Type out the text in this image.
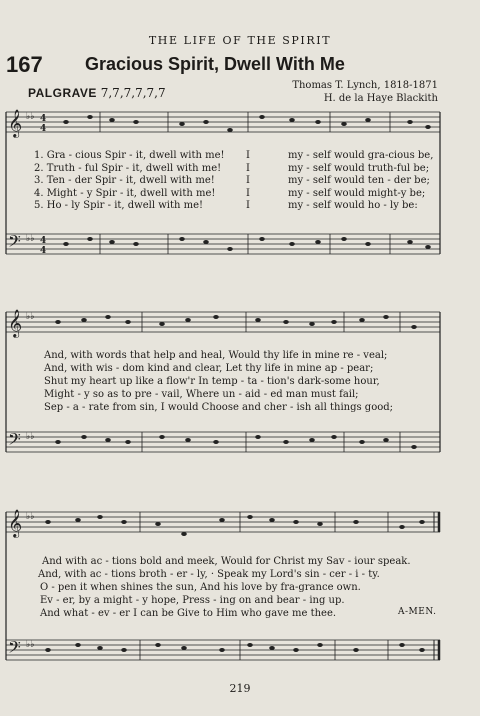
THE LIFE OF THE SPIRIT
167 Gracious Spirit, Dwell With Me
PALGRAVE 7,7,7,7,7,7
Thomas T. Lynch, 1818-1871
H. de la Haye Blackith
𝄞
𝄢
♭♭
♭♭
4
4
4
4
1. Gra - cious Spir - it, dwell with me!	I	my - self would gra-cious be,
2. Truth - ful Spir - it, dwell with me!	I	my - self would truth-ful be;
3. Ten - der Spir - it, dwell with me!	I	my - self would ten - der be;
4. Might - y Spir - it, dwell with me!	I	my - self would might-y be;
5. Ho - ly Spir - it, dwell with me!	I	my - self would ho - ly be:
𝄞
𝄢
♭♭
♭♭
And, with words that help and heal, Would thy life in mine re - veal;
And, with wis - dom kind and clear, Let thy life in mine ap - pear;
Shut my heart up like a flow'r In temp - ta - tion's dark-some hour,
Might - y so as to pre - vail, Where un - aid - ed man must fail;
Sep - a - rate from sin, I would Choose and cher - ish all things good;
𝄞
𝄢
♭♭
♭♭
And with ac - tions bold and meek, Would for Christ my Sav - iour speak.
And, with ac - tions broth - er - ly, · Speak my Lord's sin - cer - i - ty.
O - pen it when shines the sun, And his love by fra-grance own.
Ev - er, by a might - y hope, Press - ing on and bear - ing up.
And what - ev - er I can be Give to Him who gave me thee.	A-MEN.
219
